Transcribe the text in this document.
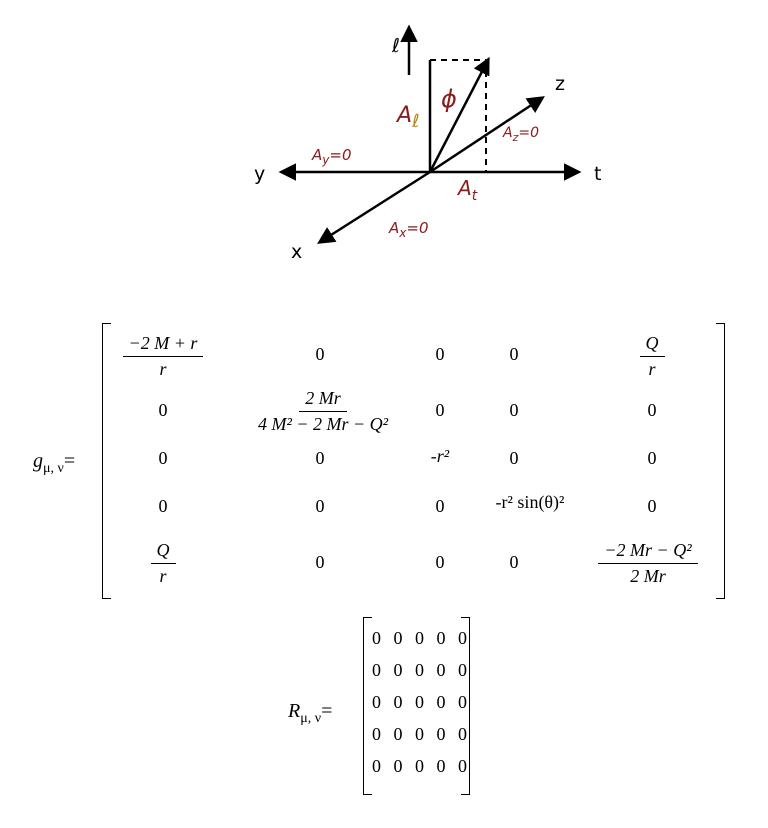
ℓ
t
y
z
x
$A_\ell$
ϕ
$A_z=0$
$A_y=0$
$A_t$
$A_x=0$
$g_{\mu, \nu}=$
$\frac{-2 M + r}{r}$	0	0	0	$\frac{Q}{r}$
0	$\frac{2 Mr}{\text{4 M² − 2 Mr − Q²}}$	0	0	0
0	0	-r²	0	0
0	0	0	-r² sin(θ)²	0
$\frac{Q}{r}$	0	0	0	$\frac{\text{−2 Mr − Q²}}{2 Mr}$
$R_{\mu, \nu}=$
0 0 0 0 0
0 0 0 0 0
0 0 0 0 0
0 0 0 0 0
0 0 0 0 0
